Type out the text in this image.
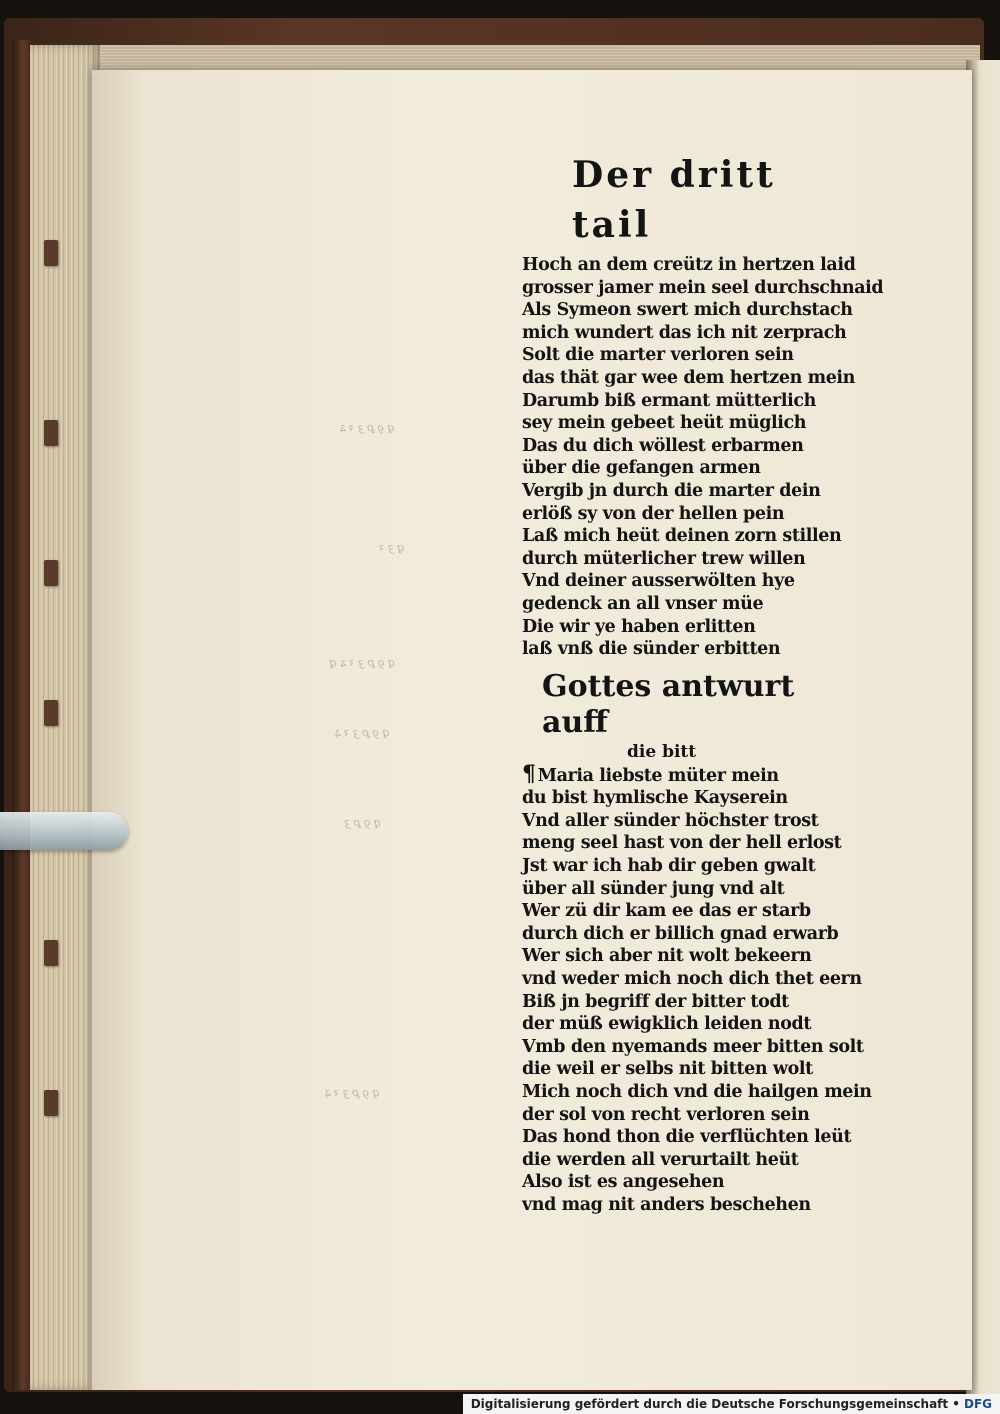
ꝗ ꝯ ꝑ ꝫ ꝛ ꝝ
ꝗ ꝫ ꝛ
ꝗ ꝯ ꝑ ꝫ ꝛ ꝝ ꝗ
ꝗ ꝯ ꝑ ꝫ ꝛ ꝝ
ꝗ ꝯ ꝑ ꝫ
ꝗ ꝯ ꝑ ꝫ ꝛ ꝝ
Der dritt tail
Hoch an dem creütz in hertzen laid
grosser jamer mein seel durchschnaid
Als Symeon swert mich durchstach
mich wundert das ich nit zerprach
Solt die marter verloren sein
das thät gar wee dem hertzen mein
Darumb biß ermant mütterlich
sey mein gebeet heüt müglich
Das du dich wöllest erbarmen
über die gefangen armen
Vergib jn durch die marter dein
erlöß sy von der hellen pein
Laß mich heüt deinen zorn stillen
durch müterlicher trew willen
Vnd deiner ausserwölten hye
gedenck an all vnser müe
Die wir ye haben erlitten
laß vnß die sünder erbitten
Gottes antwurt auff
die bitt
¶ Maria liebste müter mein
du bist hymlische Kayserein
Vnd aller sünder höchster trost
meng seel hast von der hell erlost
Jst war ich hab dir geben gwalt
über all sünder jung vnd alt
Wer zü dir kam ee das er starb
durch dich er billich gnad erwarb
Wer sich aber nit wolt bekeern
vnd weder mich noch dich thet eern
Biß jn begriff der bitter todt
der müß ewigklich leiden nodt
Vmb den nyemands meer bitten solt
die weil er selbs nit bitten wolt
Mich noch dich vnd die hailgen mein
der sol von recht verloren sein
Das hond thon die verflüchten leüt
die werden all verurtailt heüt
Also ist es angesehen
vnd mag nit anders beschehen
Digitalisierung gefördert durch die Deutsche Forschungsgemeinschaft • DFG
